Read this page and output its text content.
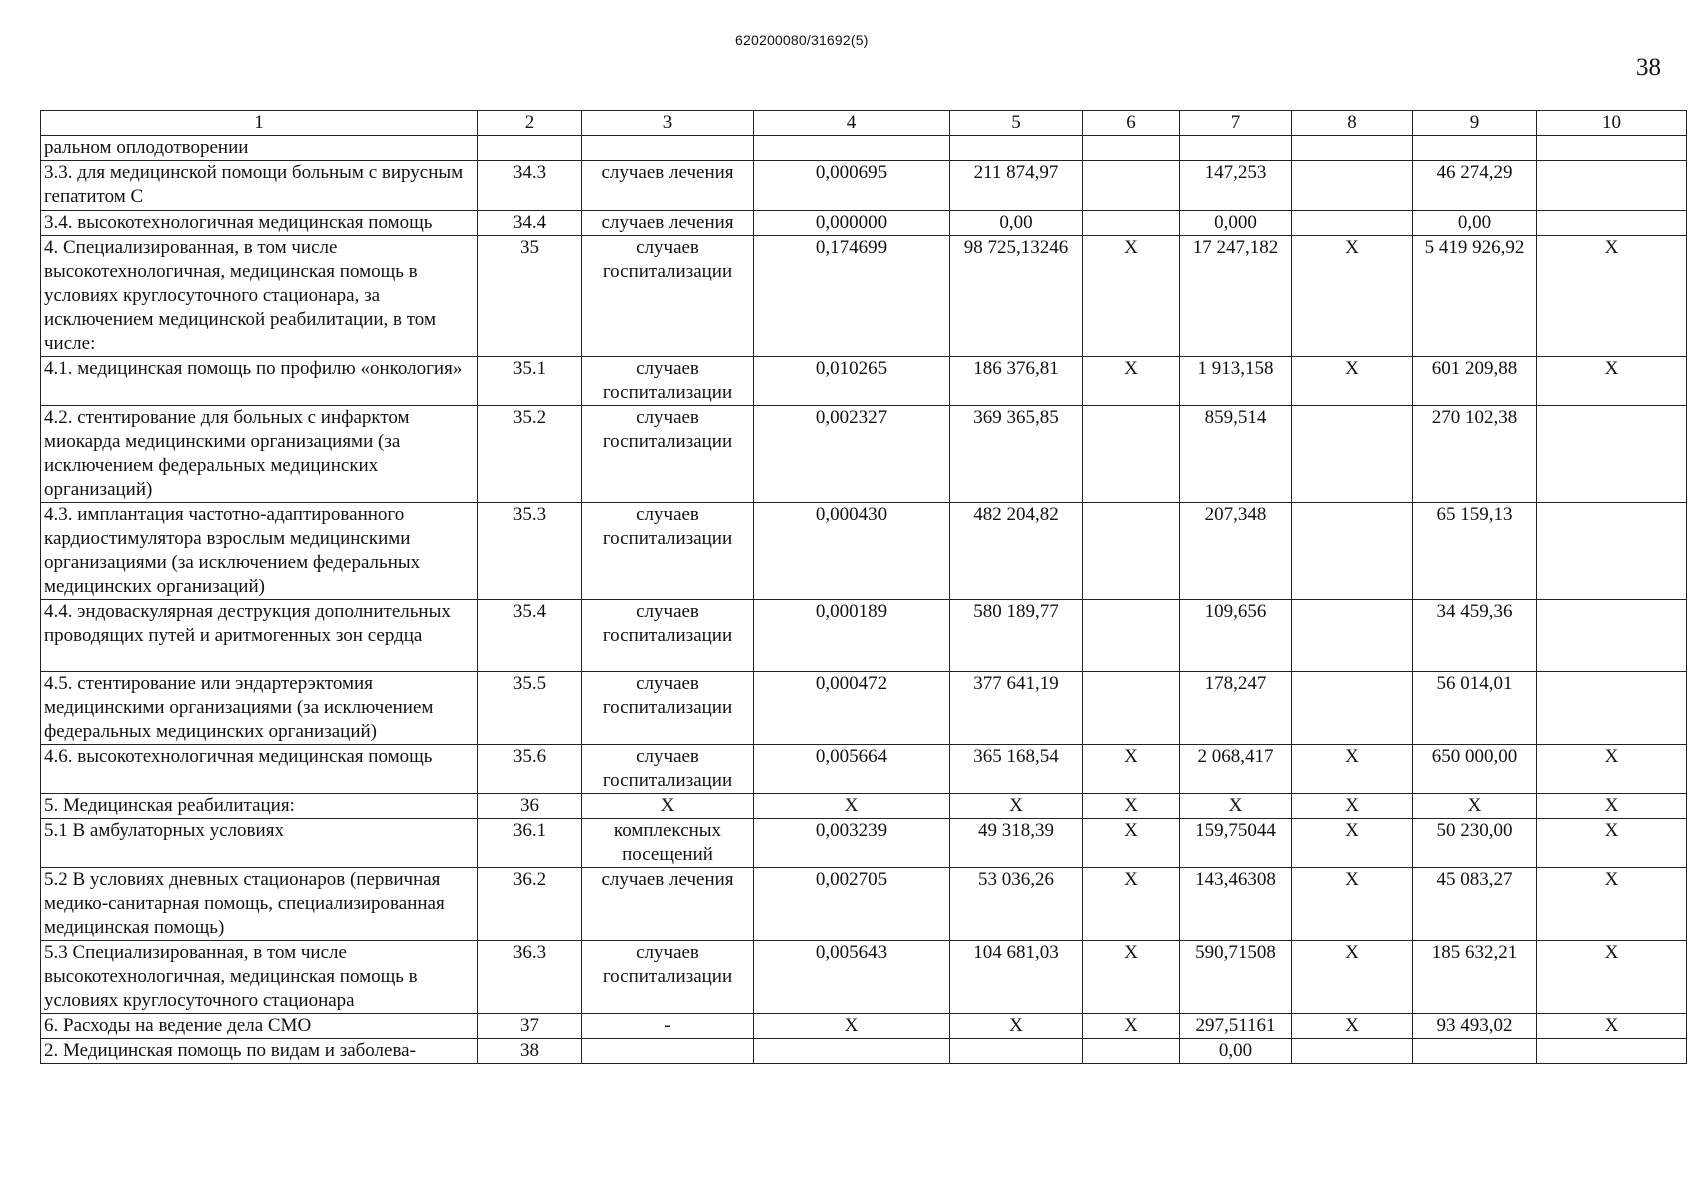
620200080/31692(5)
38
1	2	3	4	5	6	7	8	9	10
ральном оплодотворении									
3.3. для медицинской помощи больным с вирусным гепатитом С	34.3	случаев лечения	0,000695	211 874,97		147,253		46 274,29	
3.4. высокотехнологичная медицинская помощь	34.4	случаев лечения	0,000000	0,00		0,000		0,00	
4. Специализированная, в том числе высокотехнологичная, медицинская помощь в условиях круглосуточного стационара, за исключением медицинской реабилитации, в том числе:	35	случаев госпитализации	0,174699	98 725,13246	X	17 247,182	X	5 419 926,92	X
4.1. медицинская помощь по профилю «онкология»	35.1	случаев госпитализации	0,010265	186 376,81	X	1 913,158	X	601 209,88	X
4.2. стентирование для больных с инфарктом миокарда медицинскими организациями (за исключением федеральных медицинских организаций)	35.2	случаев госпитализации	0,002327	369 365,85		859,514		270 102,38	
4.3. имплантация частотно-адаптированного кардиостимулятора взрослым медицинскими организациями (за исключением федеральных медицинских организаций)	35.3	случаев госпитализации	0,000430	482 204,82		207,348		65 159,13	
4.4. эндоваскулярная деструкция дополнительных проводящих путей и аритмогенных зон сердца	35.4	случаев госпитализации	0,000189	580 189,77		109,656		34 459,36	
4.5. стентирование или эндартерэктомия медицинскими организациями (за исключением федеральных медицинских организаций)	35.5	случаев госпитализации	0,000472	377 641,19		178,247		56 014,01	
4.6. высокотехнологичная медицинская помощь	35.6	случаев госпитализации	0,005664	365 168,54	X	2 068,417	X	650 000,00	X
5. Медицинская реабилитация:	36	X	X	X	X	X	X	X	X
5.1 В амбулаторных условиях	36.1	комплексных посещений	0,003239	49 318,39	X	159,75044	X	50 230,00	X
5.2 В условиях дневных стационаров (первичная медико-санитарная помощь, специализированная медицинская помощь)	36.2	случаев лечения	0,002705	53 036,26	X	143,46308	X	45 083,27	X
5.3 Специализированная, в том числе высокотехнологичная, медицинская помощь в условиях круглосуточного стационара	36.3	случаев госпитализации	0,005643	104 681,03	X	590,71508	X	185 632,21	X
6. Расходы на ведение дела СМО	37	-	X	X	X	297,51161	X	93 493,02	X
2. Медицинская помощь по видам и заболева-	38					0,00			
